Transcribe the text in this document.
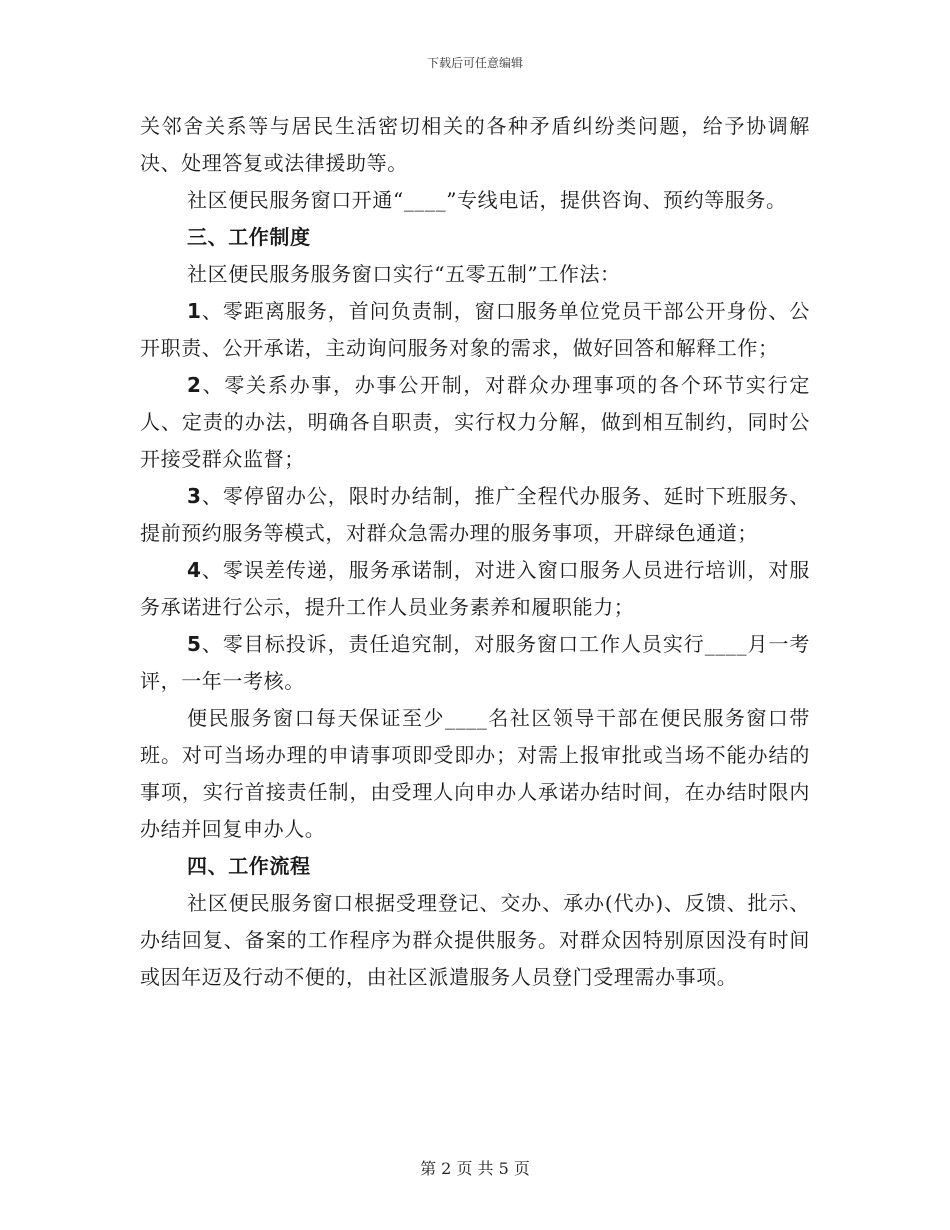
下载后可任意编辑

关邻舍关系等与居民生活密切相关的各种矛盾纠纷类问题，给予协调解决、处理答复或法律援助等。

社区便民服务窗口开通“____”专线电话，提供咨询、预约等服务。

三、工作制度

社区便民服务服务窗口实行“五零五制”工作法：

1、零距离服务，首问负责制，窗口服务单位党员干部公开身份、公开职责、公开承诺，主动询问服务对象的需求，做好回答和解释工作；

2、零关系办事，办事公开制，对群众办理事项的各个环节实行定人、定责的办法，明确各自职责，实行权力分解，做到相互制约，同时公开接受群众监督；

3、零停留办公，限时办结制，推广全程代办服务、延时下班服务、提前预约服务等模式，对群众急需办理的服务事项，开辟绿色通道；

4、零误差传递，服务承诺制，对进入窗口服务人员进行培训，对服务承诺进行公示，提升工作人员业务素养和履职能力；

5、零目标投诉，责任追究制，对服务窗口工作人员实行____月一考评，一年一考核。

便民服务窗口每天保证至少____名社区领导干部在便民服务窗口带班。对可当场办理的申请事项即受即办；对需上报审批或当场不能办结的事项，实行首接责任制，由受理人向申办人承诺办结时间，在办结时限内办结并回复申办人。

四、工作流程

社区便民服务窗口根据受理登记、交办、承办(代办)、反馈、批示、办结回复、备案的工作程序为群众提供服务。对群众因特别原因没有时间或因年迈及行动不便的，由社区派遣服务人员登门受理需办事项。

第 2 页 共 5 页
